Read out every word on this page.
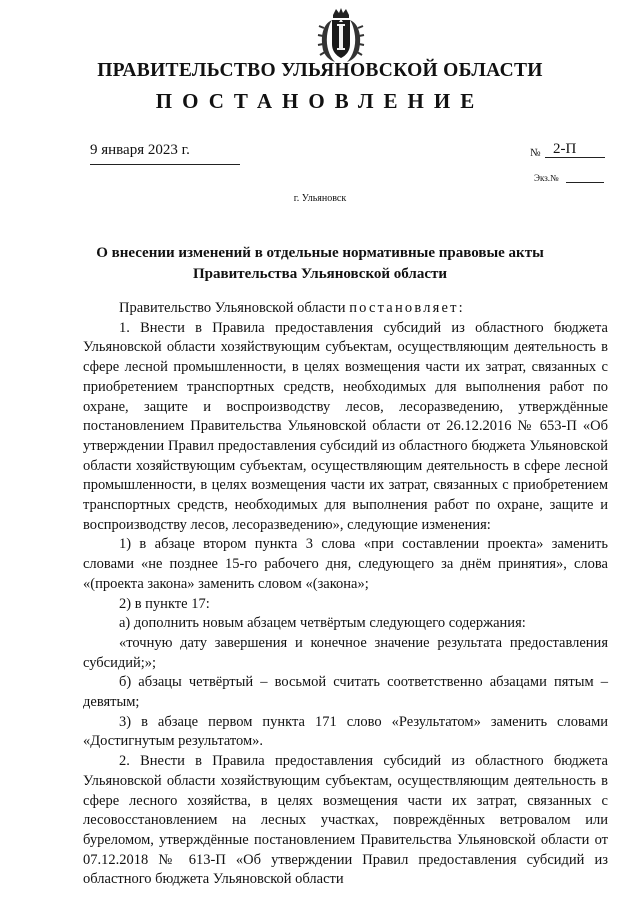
ПРАВИТЕЛЬСТВО УЛЬЯНОВСКОЙ ОБЛАСТИ
ПОСТАНОВЛЕНИЕ
9 января 2023 г.	№ 2-П
Экз.№
г. Ульяновск
О внесении изменений в отдельные нормативные правовые акты
Правительства Ульяновской области

Правительство Ульяновской области постановляет:

1. Внести в Правила предоставления субсидий из областного бюджета Ульяновской области хозяйствующим субъектам, осуществляющим деятельность в сфере лесной промышленности, в целях возмещения части их затрат, связанных с приобретением транспортных средств, необходимых для выполнения работ по охране, защите и воспроизводству лесов, лесоразведению, утверждённые постановлением Правительства Ульяновской области от 26.12.2016 № 653-П «Об утверждении Правил предоставления субсидий из областного бюджета Ульяновской области хозяйствующим субъектам, осуществляющим деятельность в сфере лесной промышленности, в целях возмещения части их затрат, связанных с приобретением транспортных средств, необходимых для выполнения работ по охране, защите и воспроизводству лесов, лесоразведению», следующие изменения:

1) в абзаце втором пункта 3 слова «при составлении проекта» заменить словами «не позднее 15-го рабочего дня, следующего за днём принятия», слова «(проекта закона» заменить словом «(закона»;

2) в пункте 17:

а) дополнить новым абзацем четвёртым следующего содержания:

«точную дату завершения и конечное значение результата предоставления субсидий;»;

б) абзацы четвёртый – восьмой считать соответственно абзацами пятым – девятым;

3) в абзаце первом пункта 171 слово «Результатом» заменить словами «Достигнутым результатом».

2. Внести в Правила предоставления субсидий из областного бюджета Ульяновской области хозяйствующим субъектам, осуществляющим деятельность в сфере лесного хозяйства, в целях возмещения части их затрат, связанных с лесовосстановлением на лесных участках, повреждённых ветровалом или буреломом, утверждённые постановлением Правительства Ульяновской области от 07.12.2018 № 613-П «Об утверждении Правил предоставления субсидий из областного бюджета Ульяновской области
